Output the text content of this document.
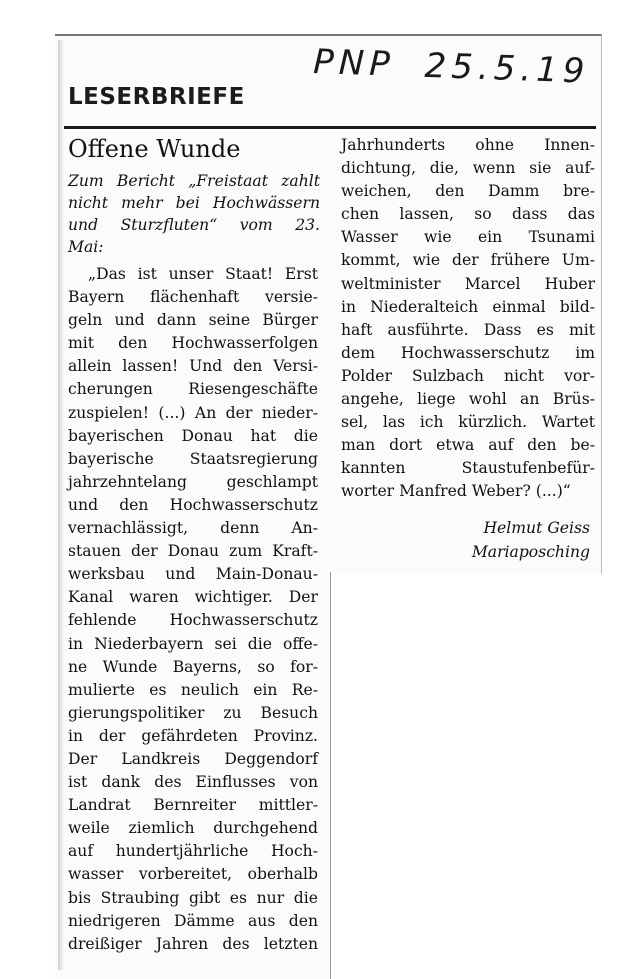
PNP 25.5.19
LESERBRIEFE
Offene Wunde
Zum Bericht „Freistaat zahlt
nicht mehr bei Hochwässern
und Sturzfluten“ vom 23.
Mai:
„Das ist unser Staat! Erst
Bayern flächenhaft versie-
geln und dann seine Bürger
mit den Hochwasserfolgen
allein lassen! Und den Versi-
cherungen Riesengeschäfte
zuspielen! (...) An der nieder-
bayerischen Donau hat die
bayerische Staatsregierung
jahrzehntelang geschlampt
und den Hochwasserschutz
vernachlässigt, denn An-
stauen der Donau zum Kraft-
werksbau und Main-Donau-
Kanal waren wichtiger. Der
fehlende Hochwasserschutz
in Niederbayern sei die offe-
ne Wunde Bayerns, so for-
mulierte es neulich ein Re-
gierungspolitiker zu Besuch
in der gefährdeten Provinz.
Der Landkreis Deggendorf
ist dank des Einflusses von
Landrat Bernreiter mittler-
weile ziemlich durchgehend
auf hundertjährliche Hoch-
wasser vorbereitet, oberhalb
bis Straubing gibt es nur die
niedrigeren Dämme aus den
dreißiger Jahren des letzten
Jahrhunderts ohne Innen-
dichtung, die, wenn sie auf-
weichen, den Damm bre-
chen lassen, so dass das
Wasser wie ein Tsunami
kommt, wie der frühere Um-
weltminister Marcel Huber
in Niederalteich einmal bild-
haft ausführte. Dass es mit
dem Hochwasserschutz im
Polder Sulzbach nicht vor-
angehe, liege wohl an Brüs-
sel, las ich kürzlich. Wartet
man dort etwa auf den be-
kannten Staustufenbefür-
worter Manfred Weber? (...)“
Helmut Geiss
Mariaposching
